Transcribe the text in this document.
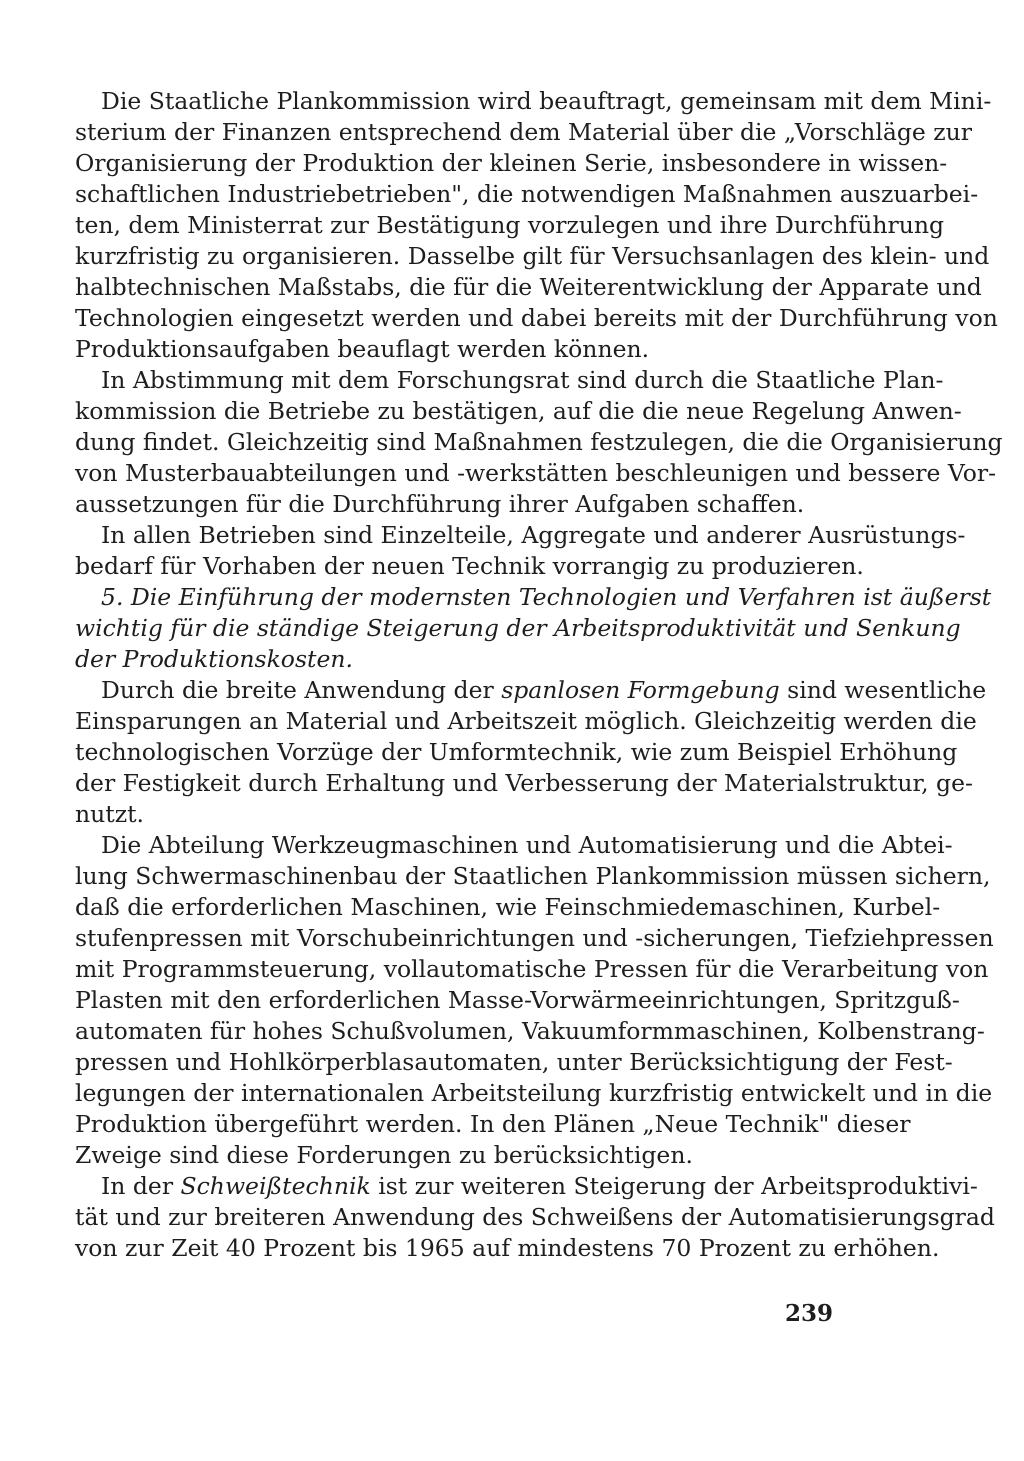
Die Staatliche Plankommission wird beauftragt, gemeinsam mit dem Mini-
sterium der Finanzen entsprechend dem Material über die „Vorschläge zur
Organisierung der Produktion der kleinen Serie, insbesondere in wissen-
schaftlichen Industriebetrieben", die notwendigen Maßnahmen auszuarbei-
ten, dem Ministerrat zur Bestätigung vorzulegen und ihre Durchführung
kurzfristig zu organisieren. Dasselbe gilt für Versuchsanlagen des klein- und
halbtechnischen Maßstabs, die für die Weiterentwicklung der Apparate und
Technologien eingesetzt werden und dabei bereits mit der Durchführung von
Produktionsaufgaben beauflagt werden können.

In Abstimmung mit dem Forschungsrat sind durch die Staatliche Plan-
kommission die Betriebe zu bestätigen, auf die die neue Regelung Anwen-
dung findet. Gleichzeitig sind Maßnahmen festzulegen, die die Organisierung
von Musterbauabteilungen und -werkstätten beschleunigen und bessere Vor-
aussetzungen für die Durchführung ihrer Aufgaben schaffen.

In allen Betrieben sind Einzelteile, Aggregate und anderer Ausrüstungs-
bedarf für Vorhaben der neuen Technik vorrangig zu produzieren.

5. Die Einführung der modernsten Technologien und Verfahren ist äußerst
wichtig für die ständige Steigerung der Arbeitsproduktivität und Senkung
der Produktionskosten.

Durch die breite Anwendung der spanlosen Formgebung sind wesentliche
Einsparungen an Material und Arbeitszeit möglich. Gleichzeitig werden die
technologischen Vorzüge der Umformtechnik, wie zum Beispiel Erhöhung
der Festigkeit durch Erhaltung und Verbesserung der Materialstruktur, ge-
nutzt.

Die Abteilung Werkzeugmaschinen und Automatisierung und die Abtei-
lung Schwermaschinenbau der Staatlichen Plankommission müssen sichern,
daß die erforderlichen Maschinen, wie Feinschmiedemaschinen, Kurbel-
stufenpressen mit Vorschubeinrichtungen und -sicherungen, Tiefziehpressen
mit Programmsteuerung, vollautomatische Pressen für die Verarbeitung von
Plasten mit den erforderlichen Masse-Vorwärmeeinrichtungen, Spritzguß-
automaten für hohes Schußvolumen, Vakuumformmaschinen, Kolbenstrang-
pressen und Hohlkörperblasautomaten, unter Berücksichtigung der Fest-
legungen der internationalen Arbeitsteilung kurzfristig entwickelt und in die
Produktion übergeführt werden. In den Plänen „Neue Technik" dieser
Zweige sind diese Forderungen zu berücksichtigen.

In der Schweißtechnik ist zur weiteren Steigerung der Arbeitsproduktivi-
tät und zur breiteren Anwendung des Schweißens der Automatisierungsgrad
von zur Zeit 40 Prozent bis 1965 auf mindestens 70 Prozent zu erhöhen.

239
